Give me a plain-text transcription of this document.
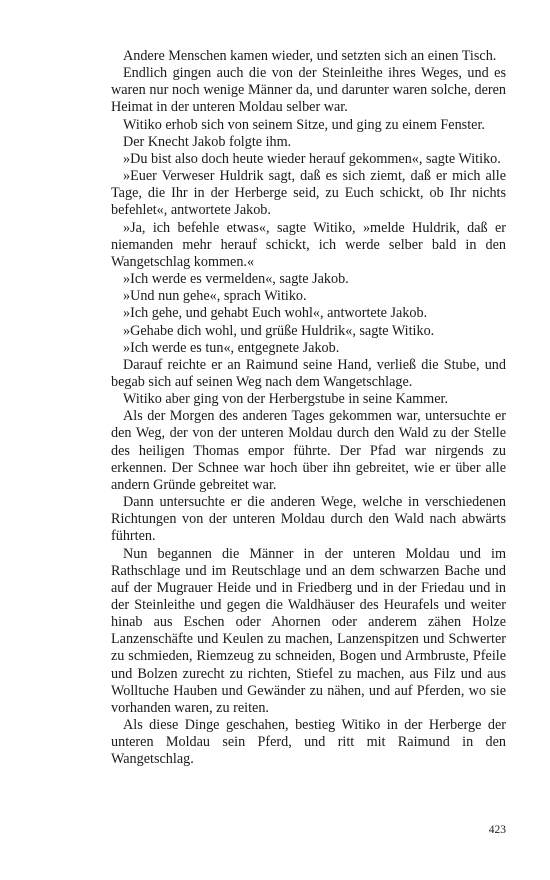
Andere Menschen kamen wieder, und setzten sich an einen Tisch.

Endlich gingen auch die von der Steinleithe ihres Weges, und es waren nur noch wenige Männer da, und darunter waren solche, deren Heimat in der unteren Moldau selber war.

Witiko erhob sich von seinem Sitze, und ging zu einem Fenster.

Der Knecht Jakob folgte ihm.

»Du bist also doch heute wieder herauf gekommen«, sagte Witiko.

»Euer Verweser Huldrik sagt, daß es sich ziemt, daß er mich alle Tage, die Ihr in der Herberge seid, zu Euch schickt, ob Ihr nichts befehlet«, antwortete Jakob.

»Ja, ich befehle etwas«, sagte Witiko, »melde Huldrik, daß er niemanden mehr herauf schickt, ich werde selber bald in den Wangetschlag kommen.«

»Ich werde es vermelden«, sagte Jakob.

»Und nun gehe«, sprach Witiko.

»Ich gehe, und gehabt Euch wohl«, antwortete Jakob.

»Gehabe dich wohl, und grüße Huldrik«, sagte Witiko.

»Ich werde es tun«, entgegnete Jakob.

Darauf reichte er an Raimund seine Hand, verließ die Stube, und begab sich auf seinen Weg nach dem Wangetschlage.

Witiko aber ging von der Herbergstube in seine Kammer.

Als der Morgen des anderen Tages gekommen war, untersuchte er den Weg, der von der unteren Moldau durch den Wald zu der Stelle des heiligen Thomas empor führte. Der Pfad war nirgends zu erkennen. Der Schnee war hoch über ihn gebreitet, wie er über alle andern Gründe gebreitet war.

Dann untersuchte er die anderen Wege, welche in verschiedenen Richtungen von der unteren Moldau durch den Wald nach abwärts führten.

Nun begannen die Männer in der unteren Moldau und im Rathschlage und im Reutschlage und an dem schwarzen Bache und auf der Mugrauer Heide und in Friedberg und in der Friedau und in der Steinleithe und gegen die Waldhäuser des Heurafels und weiter hinab aus Eschen oder Ahornen oder anderem zähen Holze Lanzenschäfte und Keulen zu machen, Lanzenspitzen und Schwerter zu schmieden, Riemzeug zu schneiden, Bogen und Armbruste, Pfeile und Bolzen zurecht zu richten, Stiefel zu machen, aus Filz und aus Wolltuche Hauben und Gewänder zu nähen, und auf Pferden, wo sie vorhanden waren, zu reiten.

Als diese Dinge geschahen, bestieg Witiko in der Herberge der unteren Moldau sein Pferd, und ritt mit Raimund in den Wangetschlag.

423
